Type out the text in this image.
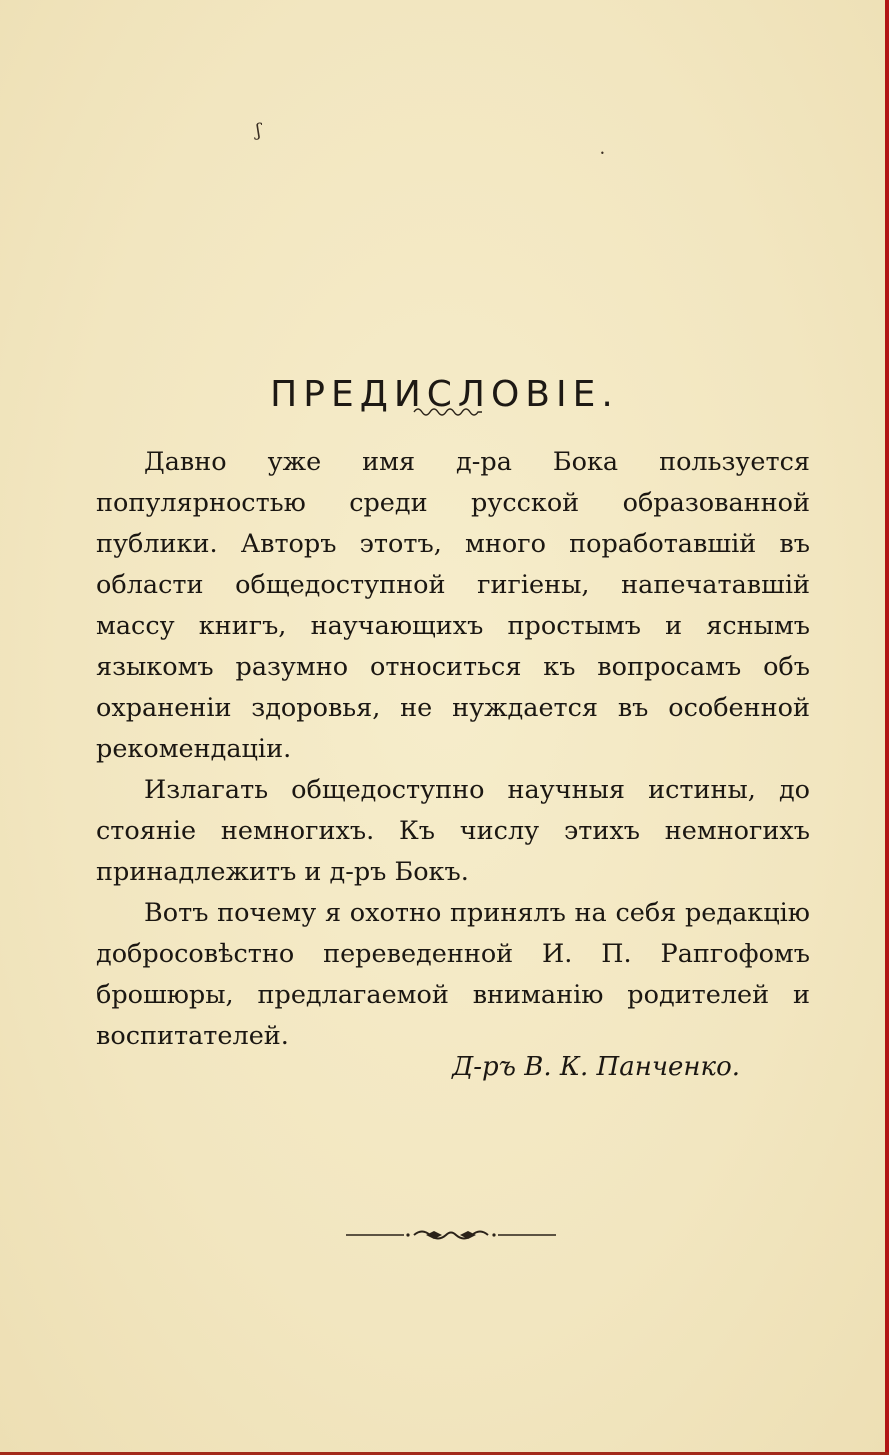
ʃ
•
ПРЕДИСЛОВІЕ.

Давно уже имя д-ра Бока пользуется популярностью среди русской образованной публики. Авторъ этотъ, много поработавшій въ области общедоступной гигіены, напечатавшій массу книгъ, научающихъ простымъ и яснымъ языкомъ разумно относиться къ вопросамъ объ охраненіи здоровья, не нуждается въ особенной рекомендаціи.

Излагать общедоступно научныя истины, до стояніе немногихъ. Къ числу этихъ немногихъ принадлежитъ и д-ръ Бокъ.

Вотъ почему я охотно принялъ на себя редакцію добросовѣстно переведенной И. П. Рапгофомъ брошюры, предлагаемой вниманію родителей и воспитателей.

Д-ръ В. К. Панченко.
